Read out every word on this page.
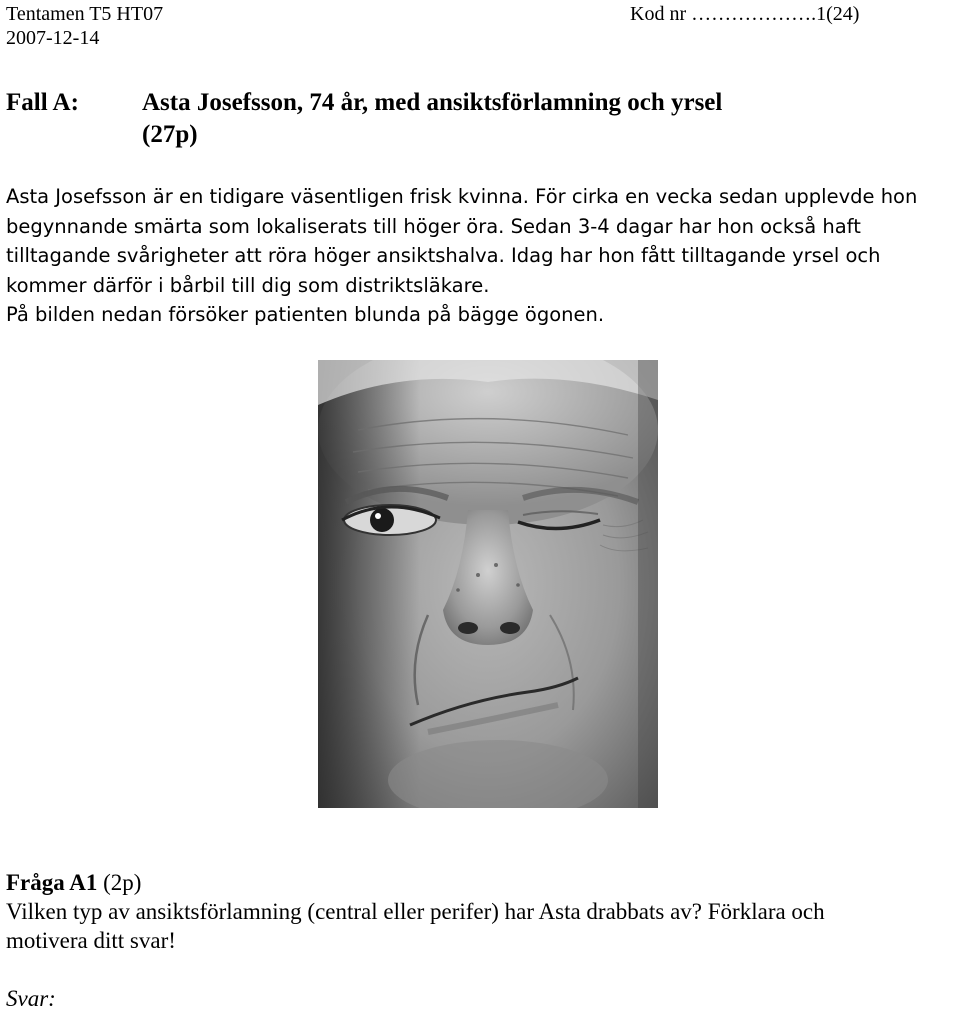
Tentamen T5 HT07	Kod nr ……………….1(24)
2007-12-14
Fall A:	Asta Josefsson, 74 år, med ansiktsförlamning och yrsel
(27p)
Asta Josefsson är en tidigare väsentligen frisk kvinna. För cirka en vecka sedan upplevde hon
begynnande smärta som lokaliserats till höger öra. Sedan 3-4 dagar har hon också haft
tilltagande svårigheter att röra höger ansiktshalva. Idag har hon fått tilltagande yrsel och
kommer därför i bårbil till dig som distriktsläkare.
På bilden nedan försöker patienten blunda på bägge ögonen.
Fråga A1 (2p)
Vilken typ av ansiktsförlamning (central eller perifer) har Asta drabbats av? Förklara och
motivera ditt svar!
Svar:
